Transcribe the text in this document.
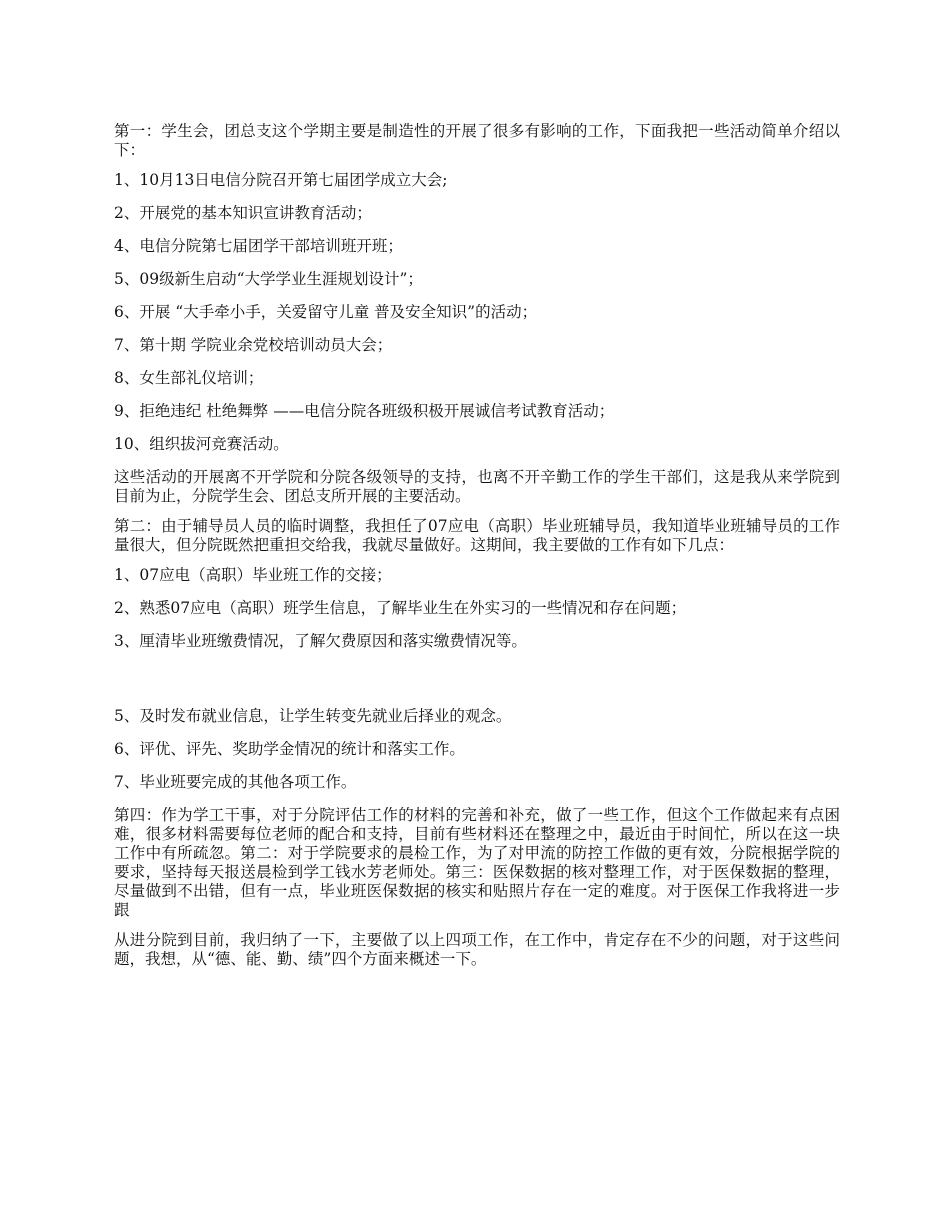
第一：学生会，团总支这个学期主要是制造性的开展了很多有影响的工作，下面我把一些活动简单介绍以下：

1、10月13日电信分院召开第七届团学成立大会;

2、开展党的基本知识宣讲教育活动；

4、电信分院第七届团学干部培训班开班；

5、09级新生启动“大学学业生涯规划设计”；

6、开展 “大手牵小手，关爱留守儿童 普及安全知识”的活动；

7、第十期 学院业余党校培训动员大会；

8、女生部礼仪培训；

9、拒绝违纪 杜绝舞弊 ——电信分院各班级积极开展诚信考试教育活动；

10、组织拔河竞赛活动。

这些活动的开展离不开学院和分院各级领导的支持，也离不开辛勤工作的学生干部们，这是我从来学院到目前为止，分院学生会、团总支所开展的主要活动。

第二：由于辅导员人员的临时调整，我担任了07应电（高职）毕业班辅导员，我知道毕业班辅导员的工作量很大，但分院既然把重担交给我，我就尽量做好。这期间，我主要做的工作有如下几点：

1、07应电（高职）毕业班工作的交接；

2、熟悉07应电（高职）班学生信息，了解毕业生在外实习的一些情况和存在问题；

3、厘清毕业班缴费情况，了解欠费原因和落实缴费情况等。

5、及时发布就业信息，让学生转变先就业后择业的观念。

6、评优、评先、奖助学金情况的统计和落实工作。

7、毕业班要完成的其他各项工作。

第四：作为学工干事，对于分院评估工作的材料的完善和补充，做了一些工作，但这个工作做起来有点困难，很多材料需要每位老师的配合和支持，目前有些材料还在整理之中，最近由于时间忙，所以在这一块工作中有所疏忽。第二：对于学院要求的晨检工作，为了对甲流的防控工作做的更有效，分院根据学院的要求，坚持每天报送晨检到学工钱水芳老师处。第三：医保数据的核对整理工作，对于医保数据的整理，尽量做到不出错，但有一点，毕业班医保数据的核实和贴照片存在一定的难度。对于医保工作我将进一步跟

从进分院到目前，我归纳了一下，主要做了以上四项工作，在工作中，肯定存在不少的问题，对于这些问题，我想，从“德、能、勤、绩”四个方面来概述一下。
